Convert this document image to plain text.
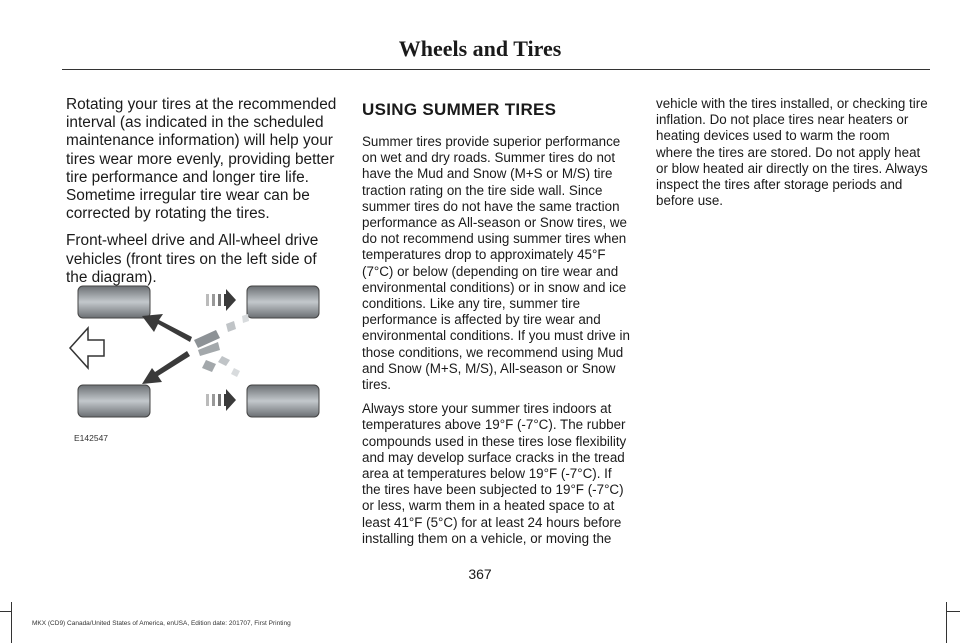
Wheels and Tires

Rotating your tires at the recommended interval (as indicated in the scheduled maintenance information) will help your tires wear more evenly, providing better tire performance and longer tire life. Sometime irregular tire wear can be corrected by rotating the tires.

Front-wheel drive and All-wheel drive vehicles (front tires on the left side of the diagram).

E142547
USING SUMMER TIRES

Summer tires provide superior performance on wet and dry roads. Summer tires do not have the Mud and Snow (M+S or M/S) tire traction rating on the tire side wall. Since summer tires do not have the same traction performance as All-season or Snow tires, we do not recommend using summer tires when temperatures drop to approximately 45°F (7°C) or below (depending on tire wear and environmental conditions) or in snow and ice conditions. Like any tire, summer tire performance is affected by tire wear and environmental conditions. If you must drive in those conditions, we recommend using Mud and Snow (M+S, M/S), All-season or Snow tires.

Always store your summer tires indoors at temperatures above 19°F (-7°C). The rubber compounds used in these tires lose flexibility and may develop surface cracks in the tread area at temperatures below 19°F (-7°C). If the tires have been subjected to 19°F (-7°C) or less, warm them in a heated space to at least 41°F (5°C) for at least 24 hours before installing them on a vehicle, or moving the

vehicle with the tires installed, or checking tire inflation. Do not place tires near heaters or heating devices used to warm the room where the tires are stored. Do not apply heat or blow heated air directly on the tires. Always inspect the tires after storage periods and before use.

367
MKX (CD9) Canada/United States of America, enUSA, Edition date: 201707, First Printing
